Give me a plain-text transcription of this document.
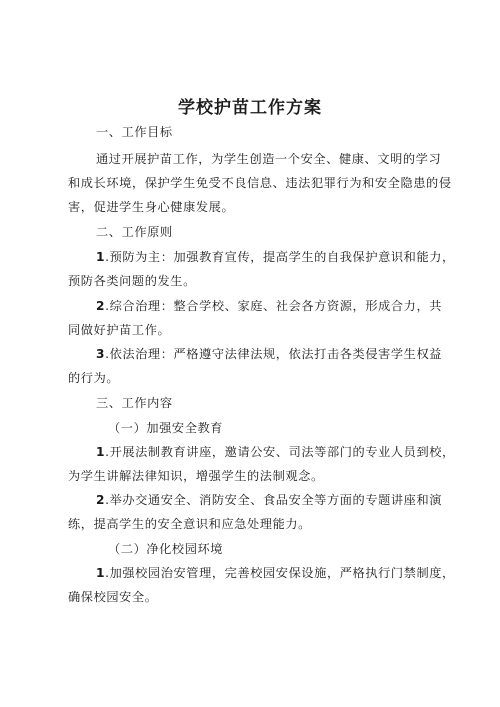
学校护苗工作方案
一、工作目标
通过开展护苗工作，为学生创造一个安全、健康、文明的学习
和成长环境，保护学生免受不良信息、违法犯罪行为和安全隐患的侵
害，促进学生身心健康发展。
二、工作原则
1.预防为主：加强教育宣传，提高学生的自我保护意识和能力，
预防各类问题的发生。
2.综合治理：整合学校、家庭、社会各方资源，形成合力，共
同做好护苗工作。
3.依法治理：严格遵守法律法规，依法打击各类侵害学生权益
的行为。
三、工作内容
（一）加强安全教育
1.开展法制教育讲座，邀请公安、司法等部门的专业人员到校，
为学生讲解法律知识，增强学生的法制观念。
2.举办交通安全、消防安全、食品安全等方面的专题讲座和演
练，提高学生的安全意识和应急处理能力。
（二）净化校园环境
1.加强校园治安管理，完善校园安保设施，严格执行门禁制度，
确保校园安全。
